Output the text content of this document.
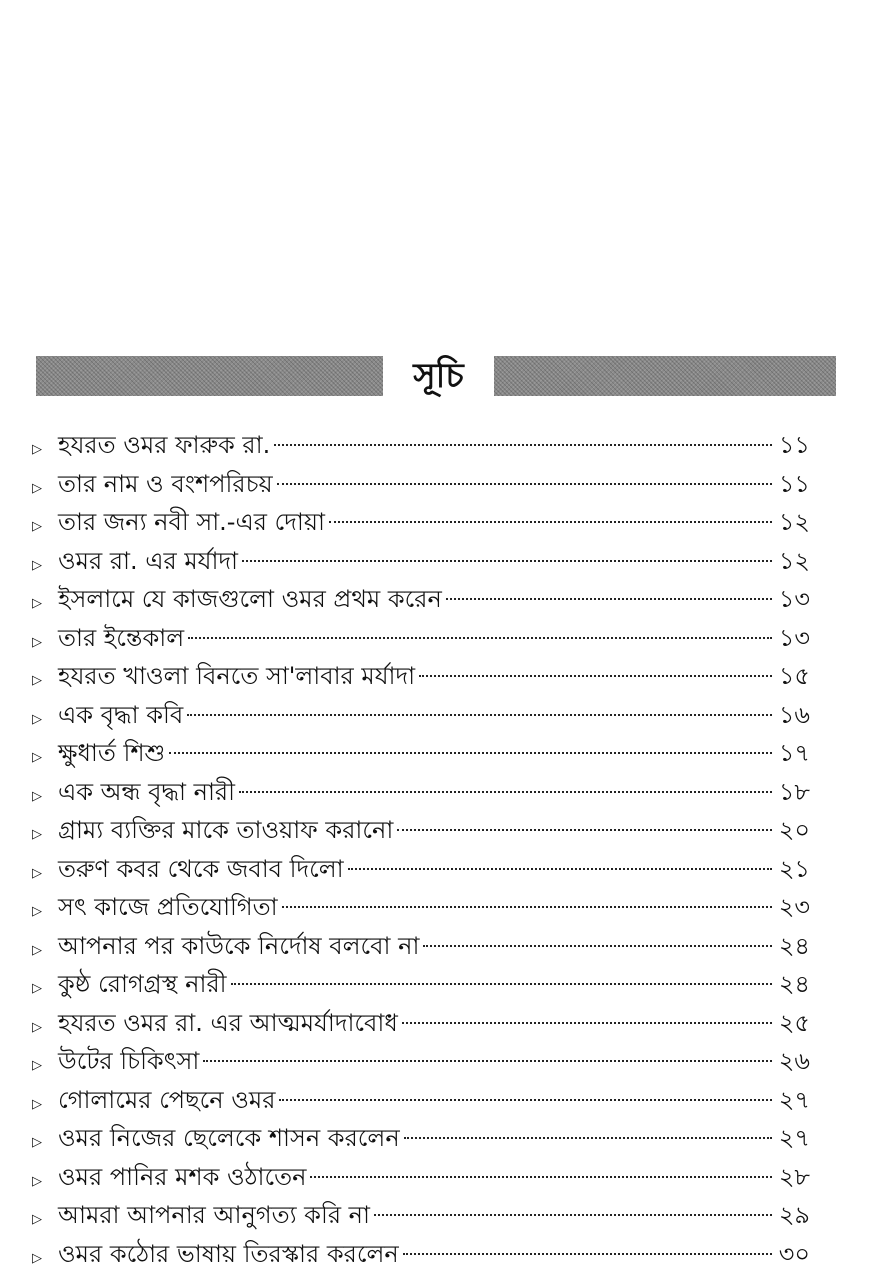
সূচি
▷ হযরত ওমর ফারুক রা.	১১
▷ তার নাম ও বংশপরিচয়	১১
▷ তার জন্য নবী সা.-এর দোয়া	১২
▷ ওমর রা. এর মর্যাদা	১২
▷ ইসলামে যে কাজগুলো ওমর প্রথম করেন	১৩
▷ তার ইন্তেকাল	১৩
▷ হযরত খাওলা বিনতে সা'লাবার মর্যাদা	১৫
▷ এক বৃদ্ধা কবি	১৬
▷ ক্ষুধার্ত শিশু	১৭
▷ এক অন্ধ বৃদ্ধা নারী	১৮
▷ গ্রাম্য ব্যক্তির মাকে তাওয়াফ করানো	২০
▷ তরুণ কবর থেকে জবাব দিলো	২১
▷ সৎ কাজে প্রতিযোগিতা	২৩
▷ আপনার পর কাউকে নির্দোষ বলবো না	২৪
▷ কুষ্ঠ রোগগ্রস্থ নারী	২৪
▷ হযরত ওমর রা. এর আত্মমর্যাদাবোধ	২৫
▷ উটের চিকিৎসা	২৬
▷ গোলামের পেছনে ওমর	২৭
▷ ওমর নিজের ছেলেকে শাসন করলেন	২৭
▷ ওমর পানির মশক ওঠাতেন	২৮
▷ আমরা আপনার আনুগত্য করি না	২৯
▷ ওমর কঠোর ভাষায় তিরস্কার করলেন	৩০
